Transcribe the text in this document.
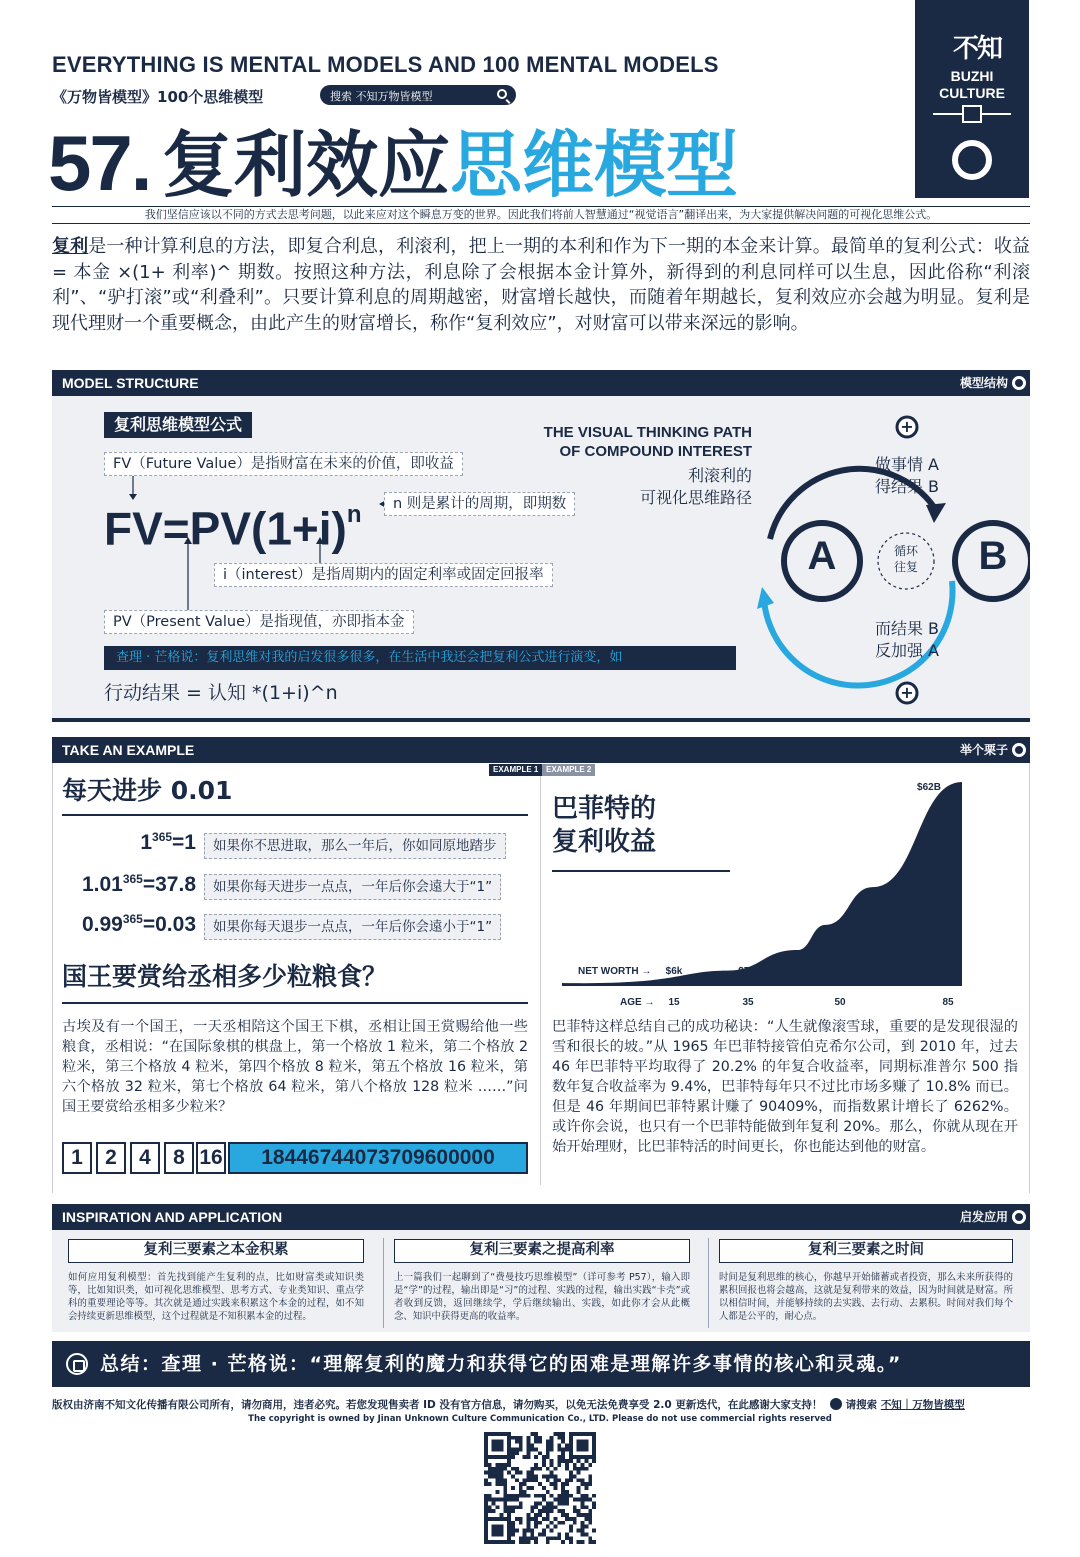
EVERYTHING IS MENTAL MODELS AND 100 MENTAL MODELS
《万物皆模型》100个思维模型	搜索 不知万物皆模型
不知
BUZHI
CULTURE
57. 复利效应思维模型
我们坚信应该以不同的方式去思考问题，以此来应对这个瞬息万变的世界。因此我们将前人智慧通过“视觉语言”翻译出来，为大家提供解决问题的可视化思维公式。
复利是一种计算利息的方法，即复合利息，利滚利，把上一期的本利和作为下一期的本金来计算。最简单的复利公式：收益 = 本金 ×(1+ 利率)^ 期数。按照这种方法，利息除了会根据本金计算外，新得到的利息同样可以生息，因此俗称“利滚利”、“驴打滚”或“利叠利”。只要计算利息的周期越密，财富增长越快，而随着年期越长，复利效应亦会越为明显。复利是现代理财一个重要概念，由此产生的财富增长，称作“复利效应”，对财富可以带来深远的影响。
MODEL STRUCtURE	模型结构
复利思维模型公式
FV（Future Value）是指财富在未来的价值，即收益
$FV=PV(1+i)^n$	n 则是累计的周期，即期数
i（interest）是指周期内的固定利率或固定回报率
PV（Present Value）是指现值，亦即指本金
查理 · 芒格说：复利思维对我的启发很多很多，在生活中我还会把复利公式进行演变，如
行动结果 = 认知 *(1+i)^n
THE VISUAL THINKING PATH
OF COMPOUND INTEREST
利滚利的
可视化思维路径
A	B
循环
往复
做事情 A
得结果 B
而结果 B
反加强 A
+
+
TAKE AN EXAMPLE	举个栗子
EXAMPLE 1 EXAMPLE 2
每天进步 0.01
$1^{365}=1$	如果你不思进取，那么一年后，你如同原地踏步
$1.01^{365}=37.8$	如果你每天进步一点点，一年后你会遠大于“1”
$0.99^{365}=0.03$	如果你每天退步一点点，一年后你会遠小于“1”
国王要赏给丞相多少粒粮食？
古埃及有一个国王，一天丞相陪这个国王下棋，丞相让国王赏赐给他一些粮食，丞相说：“在国际象棋的棋盘上，第一个格放 1 粒米，第二个格放 2 粒米，第三个格放 4 粒米，第四个格放 8 粒米，第五个格放 16 粒米，第六个格放 32 粒米，第七个格放 64 粒米，第八个格放 128 粒米 ……”问国王要赏给丞相多少粒米？
1	2	4	8 16	18446744073709600000
巴菲特的
复利收益
NET WORTH → $6k	$7M	$67M $376M
$2.3B
$62B
AGE → 15	35	50	85
巴菲特这样总结自己的成功秘诀：“人生就像滚雪球，重要的是发现很湿的雪和很长的坡。”从 1965 年巴菲特接管伯克希尔公司，到 2010 年，过去 46 年巴菲特平均取得了 20.2% 的年复合收益率，同期标准普尔 500 指数年复合收益率为 9.4%，巴菲特每年只不过比市场多赚了 10.8% 而已。但是 46 年期间巴菲特累计赚了 90409%，而指数累计增长了 6262%。或许你会说，也只有一个巴菲特能做到年复利 20%。那么，你就从现在开始开始理财，比巴菲特活的时间更长，你也能达到他的财富。
INSPIRATION AND APPLICATION	启发应用
复利三要素之本金积累
如何应用复利模型：首先找到能产生复利的点，比如财富类或知识类等，比如知识类，如可视化思维模型、思考方式、专业类知识、重点学科的重要理论等等。其次就是通过实践来积累这个本金的过程，如不知会持续更新思维模型，这个过程就是不知积累本金的过程。
复利三要素之提高利率
上一篇我们一起聊到了“费曼技巧思维模型”（详可参考 P57），输入即是“学”的过程，输出即是“习”的过程、实践的过程，输出实践“卡壳”或者收到反馈，返回继续学，学后继续输出、实践，如此你才会从此概念、知识中获得更高的收益率。
复利三要素之时间
时间是复利思维的核心，你越早开始储蓄或者投资，那么未来所获得的累积回报也将会越高，这就是复利带来的效益，因为时间就是财富。所以相信时间，并能够持续的去实践、去行动、去累积。时间对我们每个人都是公平的，耐心点。
总结：查理 · 芒格说：“理解复利的魔力和获得它的困难是理解许多事情的核心和灵魂。”
版权由济南不知文化传播有限公司所有，请勿商用，违者必究。若您发现售卖者 ID 没有官方信息，请勿购买，以免无法免费享受 2.0 更新迭代，在此感谢大家支持！ 请搜索 不知｜万物皆模型
The copyright is owned by Jinan Unknown Culture Communication Co., LTD. Please do not use commercial rights reserved
